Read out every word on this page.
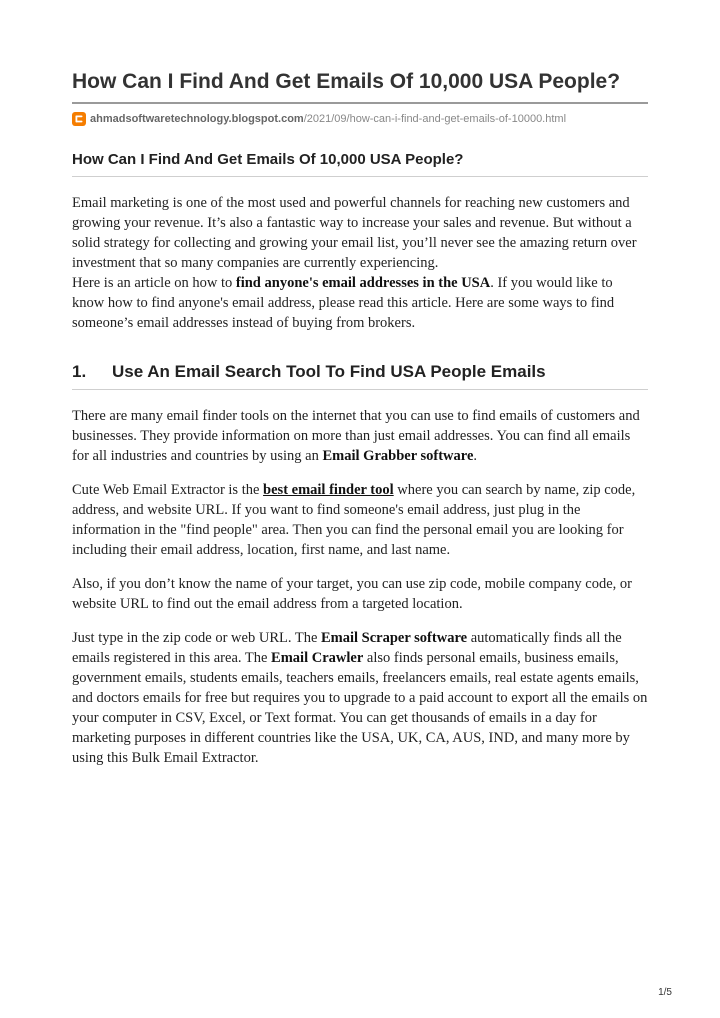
How Can I Find And Get Emails Of 10,000 USA People?
ahmadsoftwaretechnology.blogspot.com /2021/09/how-can-i-find-and-get-emails-of-10000.html
How Can I Find And Get Emails Of 10,000 USA People?

Email marketing is one of the most used and powerful channels for reaching new customers and growing your revenue. It’s also a fantastic way to increase your sales and revenue. But without a solid strategy for collecting and growing your email list, you’ll never see the amazing return over investment that so many companies are currently experiencing.

Here is an article on how to find anyone's email addresses in the USA. If you would like to know how to find anyone's email address, please read this article. Here are some ways to find someone’s email addresses instead of buying from brokers.

1.	Use An Email Search Tool To Find USA People Emails

There are many email finder tools on the internet that you can use to find emails of customers and businesses. They provide information on more than just email addresses. You can find all emails for all industries and countries by using an Email Grabber software.

Cute Web Email Extractor is the best email finder tool where you can search by name, zip code, address, and website URL. If you want to find someone's email address, just plug in the information in the "find people" area. Then you can find the personal email you are looking for including their email address, location, first name, and last name.

Also, if you don’t know the name of your target, you can use zip code, mobile company code, or website URL to find out the email address from a targeted location.

Just type in the zip code or web URL. The Email Scraper software automatically finds all the emails registered in this area. The Email Crawler also finds personal emails, business emails, government emails, students emails, teachers emails, freelancers emails, real estate agents emails, and doctors emails for free but requires you to upgrade to a paid account to export all the emails on your computer in CSV, Excel, or Text format. You can get thousands of emails in a day for marketing purposes in different countries like the USA, UK, CA, AUS, IND, and many more by using this Bulk Email Extractor.

1/5
